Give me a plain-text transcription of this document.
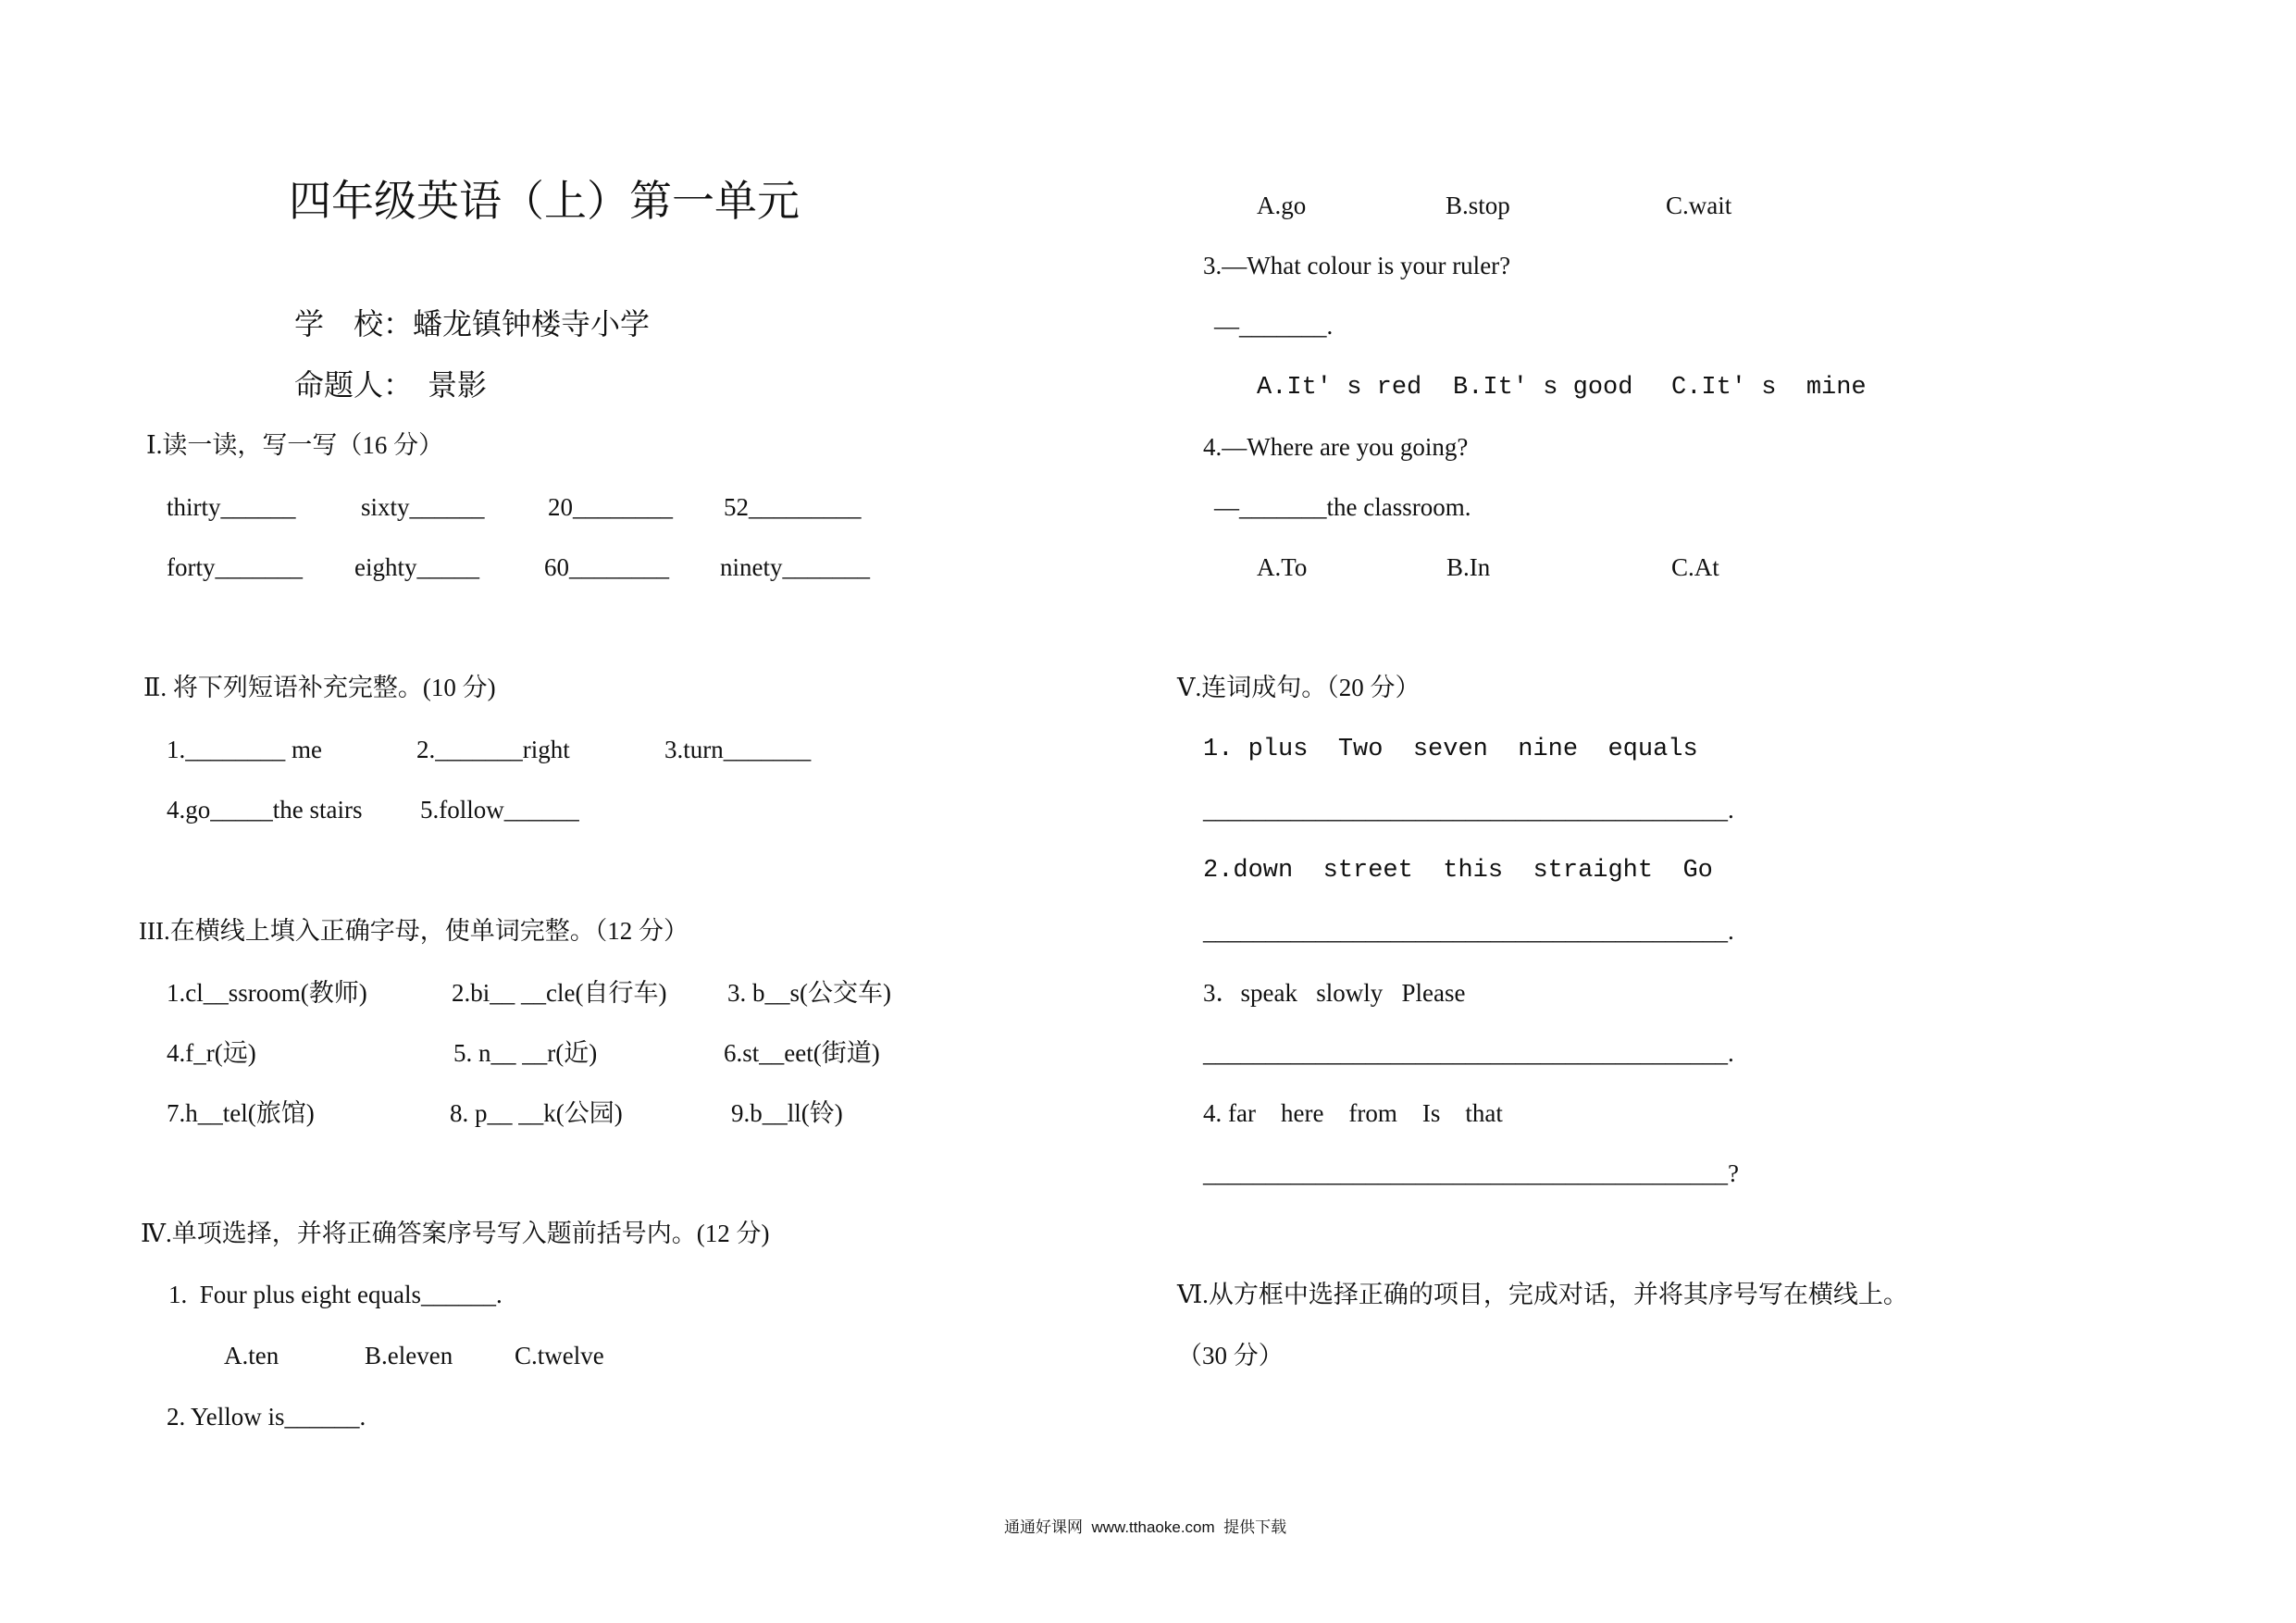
四年级英语（上）第一单元
学　校：蟠龙镇钟楼寺小学
命题人：　景影
Ⅰ.读一读，写一写（16 分）
thirty______	sixty______	20________ 52_________
forty_______ eighty_____	60________ ninety_______
Ⅱ. 将下列短语补充完整。(10 分)
1.________ me	2._______right	3.turn_______
4.go_____the stairs 5.follow______
III.在横线上填入正确字母，使单词完整。（12 分）
1.cl__ssroom(教师)	2.bi__ __cle(自行车) 3. b__s(公交车)
4.f_r(远)	5. n__ __r(近)	6.st__eet(街道)
7.h__tel(旅馆)	8. p__ __k(公园)	9.b__ll(铃)
Ⅳ.单项选择，并将正确答案序号写入题前括号内。(12 分)
1.  Four plus eight equals______.
A.ten	B.eleven C.twelve
2. Yellow is______.
A.go	B.stop	C.wait
3.—What colour is your ruler?
—_______.
A.It′ s red B.It′ s good C.It′ s  mine
4.—Where are you going?
—_______the classroom.
A.To	B.In	C.At
Ⅴ.连词成句。（20 分）
1. plus  Two  seven  nine  equals
__________________________________________.
2.down  street  this  straight  Go
__________________________________________.
3．speak   slowly   Please
__________________________________________.
4. far    here    from    Is    that
__________________________________________?
Ⅵ.从方框中选择正确的项目，完成对话，并将其序号写在横线上。
（30 分）
通通好课网  www.tthaoke.com  提供下载
